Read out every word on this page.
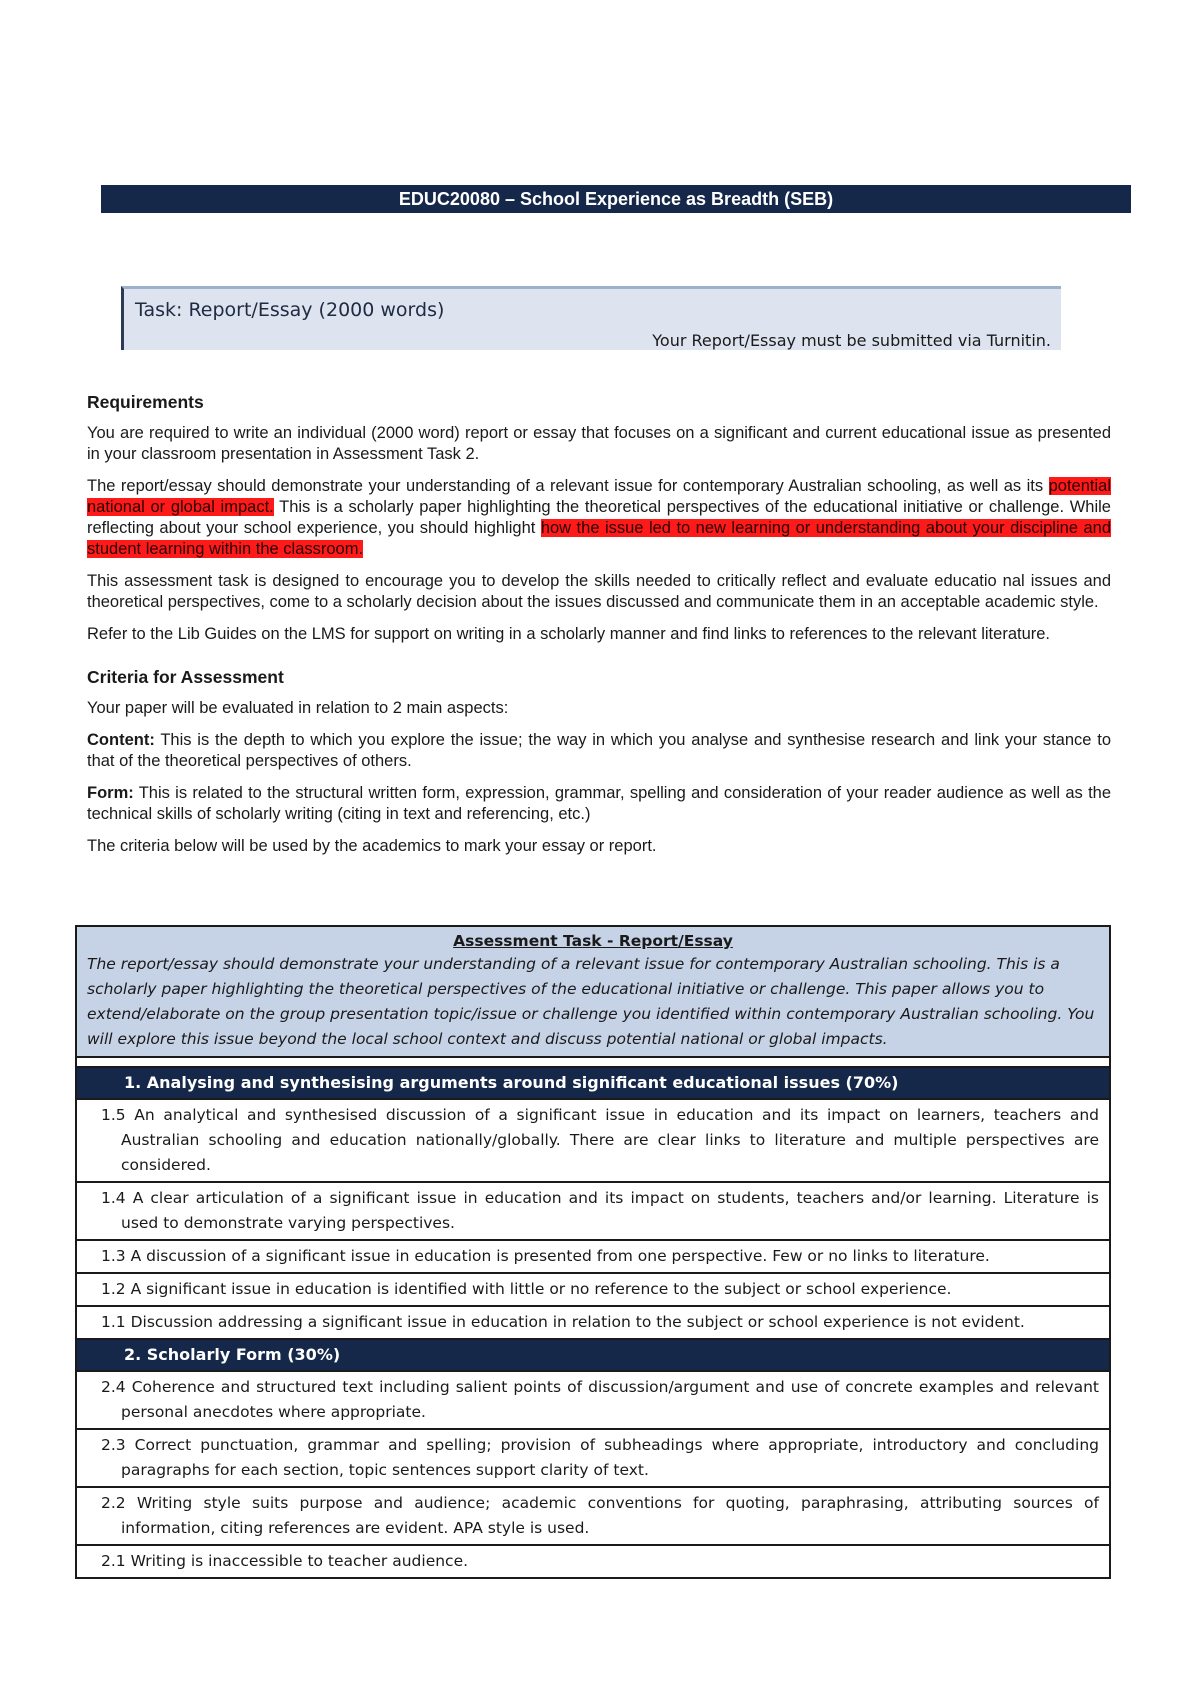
EDUC20080 – School Experience as Breadth (SEB)
Task: Report/Essay (2000 words)
Your Report/Essay must be submitted via Turnitin.
Requirements
You are required to write an individual (2000 word) report or essay that focuses on a significant and current educational issue as presented in your classroom presentation in Assessment Task 2.
The report/essay should demonstrate your understanding of a relevant issue for contemporary Australian schooling, as well as its potential national or global impact. This is a scholarly paper highlighting the theoretical perspectives of the educational initiative or challenge. While reflecting about your school experience, you should highlight how the issue led to new learning or understanding about your discipline and student learning within the classroom.
This assessment task is designed to encourage you to develop the skills needed to critically reflect and evaluate educatio nal issues and theoretical perspectives, come to a scholarly decision about the issues discussed and communicate them in an acceptable academic style.
Refer to the Lib Guides on the LMS for support on writing in a scholarly manner and find links to references to the relevant literature.
Criteria for Assessment
Your paper will be evaluated in relation to 2 main aspects:
Content: This is the depth to which you explore the issue; the way in which you analyse and synthesise research and link your stance to that of the theoretical perspectives of others.
Form: This is related to the structural written form, expression, grammar, spelling and consideration of your reader audience as well as the technical skills of scholarly writing (citing in text and referencing, etc.)
The criteria below will be used by the academics to mark your essay or report.
Assessment Task - Report/Essay
The report/essay should demonstrate your understanding of a relevant issue for contemporary Australian schooling. This is a scholarly paper highlighting the theoretical perspectives of the educational initiative or challenge. This paper allows you to extend/elaborate on the group presentation topic/issue or challenge you identified within contemporary Australian schooling. You will explore this issue beyond the local school context and discuss potential national or global impacts.
1. Analysing and synthesising arguments around significant educational issues (70%)
1.5 An analytical and synthesised discussion of a significant issue in education and its impact on learners, teachers and Australian schooling and education nationally/globally. There are clear links to literature and multiple perspectives are considered.
1.4 A clear articulation of a significant issue in education and its impact on students, teachers and/or learning. Literature is used to demonstrate varying perspectives.
1.3 A discussion of a significant issue in education is presented from one perspective. Few or no links to literature.
1.2 A significant issue in education is identified with little or no reference to the subject or school experience.
1.1 Discussion addressing a significant issue in education in relation to the subject or school experience is not evident.
2. Scholarly Form (30%)
2.4 Coherence and structured text including salient points of discussion/argument and use of concrete examples and relevant personal anecdotes where appropriate.
2.3 Correct punctuation, grammar and spelling; provision of subheadings where appropriate, introductory and concluding paragraphs for each section, topic sentences support clarity of text.
2.2 Writing style suits purpose and audience; academic conventions for quoting, paraphrasing, attributing sources of information, citing references are evident. APA style is used.
2.1 Writing is inaccessible to teacher audience.
